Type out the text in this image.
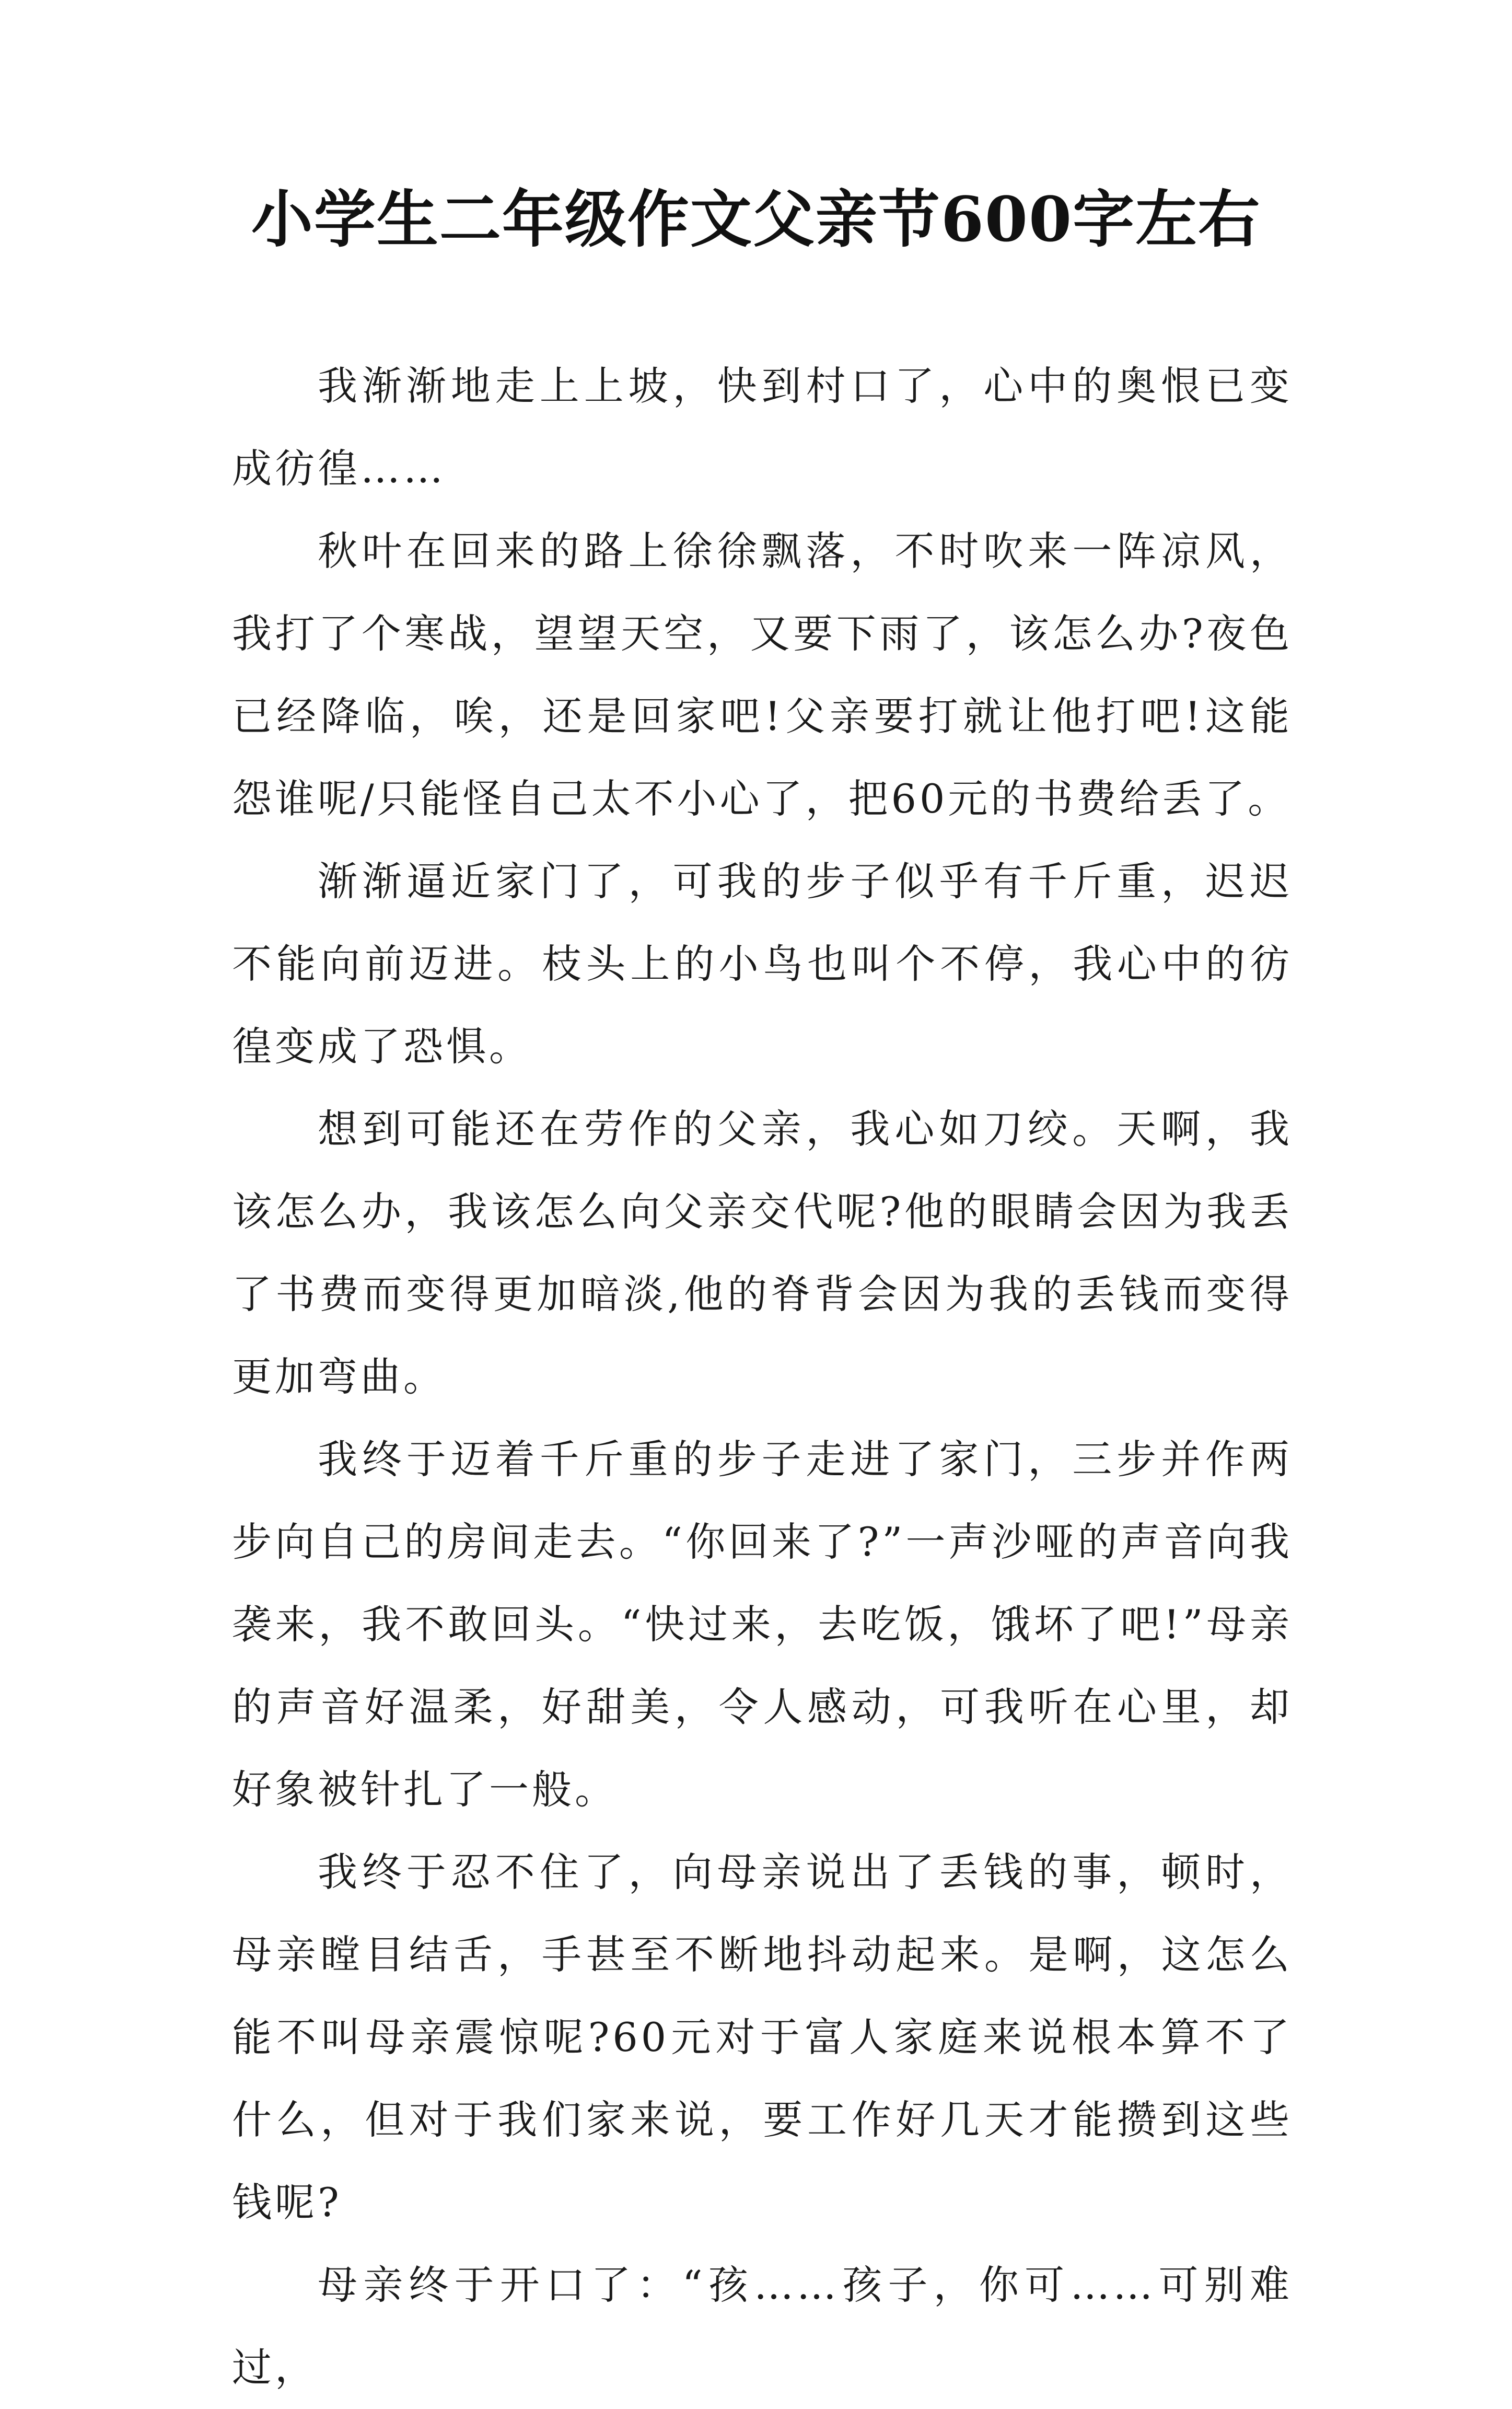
小学生二年级作文父亲节600字左右

我渐渐地走上上坡，快到村口了，心中的奥恨已变成彷徨……

秋叶在回来的路上徐徐飘落，不时吹来一阵凉风，我打了个寒战，望望天空，又要下雨了，该怎么办?夜色已经降临，唉，还是回家吧!父亲要打就让他打吧!这能怨谁呢/只能怪自己太不小心了，把60元的书费给丢了。

渐渐逼近家门了，可我的步子似乎有千斤重，迟迟不能向前迈进。枝头上的小鸟也叫个不停，我心中的彷徨变成了恐惧。

想到可能还在劳作的父亲，我心如刀绞。天啊，我该怎么办，我该怎么向父亲交代呢?他的眼睛会因为我丢了书费而变得更加暗淡,他的脊背会因为我的丢钱而变得更加弯曲。

我终于迈着千斤重的步子走进了家门，三步并作两步向自己的房间走去。“你回来了?”一声沙哑的声音向我袭来，我不敢回头。“快过来，去吃饭，饿坏了吧!”母亲的声音好温柔，好甜美，令人感动，可我听在心里，却好象被针扎了一般。

我终于忍不住了，向母亲说出了丢钱的事，顿时，母亲瞠目结舌，手甚至不断地抖动起来。是啊，这怎么能不叫母亲震惊呢?60元对于富人家庭来说根本算不了什么，但对于我们家来说，要工作好几天才能攒到这些钱呢?

母亲终于开口了：“孩……孩子，你可……可别难过，
